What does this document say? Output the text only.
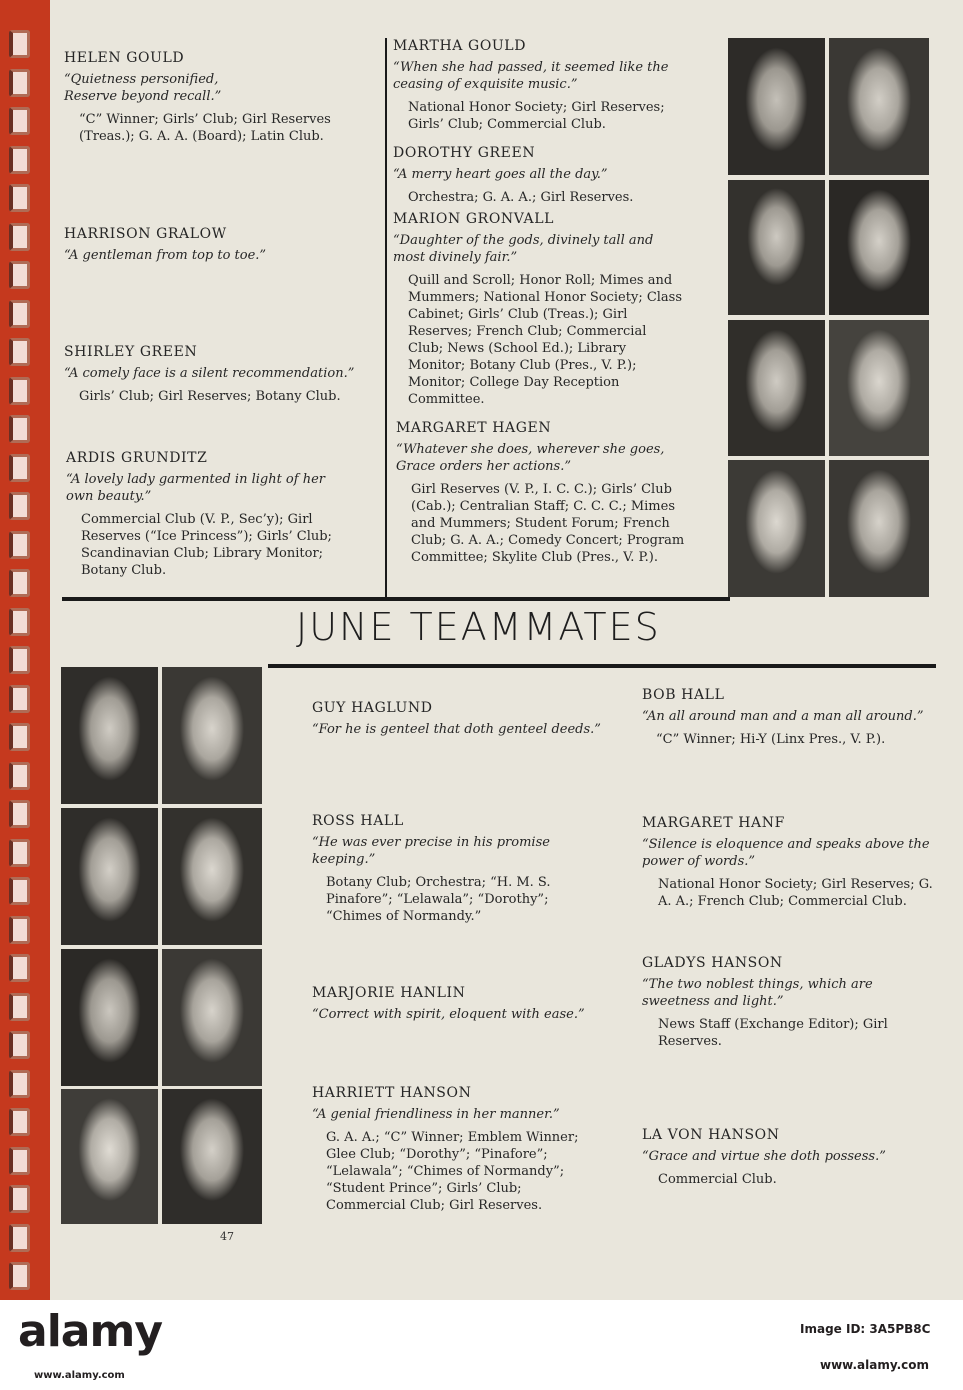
HELEN GOULD

“Quietness personified,
Reserve beyond recall.”

“C” Winner; Girls’ Club; Girl Reserves (Treas.); G. A. A. (Board); Latin Club.

HARRISON GRALOW

“A gentleman from top to toe.”

SHIRLEY GREEN

“A comely face is a silent recommendation.”

Girls’ Club; Girl Reserves; Botany Club.

ARDIS GRUNDITZ

“A lovely lady garmented in light of her own beauty.”

Commercial Club (V. P., Sec’y); Girl Reserves (“Ice Princess”); Girls’ Club; Scandinavian Club; Library Monitor; Botany Club.

MARTHA GOULD

“When she had passed, it seemed like the ceasing of exquisite music.”

National Honor Society; Girl Reserves; Girls’ Club; Commercial Club.

DOROTHY GREEN

“A merry heart goes all the day.”

Orchestra; G. A. A.; Girl Reserves.

MARION GRONVALL

“Daughter of the gods, divinely tall and most divinely fair.”

Quill and Scroll; Honor Roll; Mimes and Mummers; National Honor Society; Class Cabinet; Girls’ Club (Treas.); Girl Reserves; French Club; Commercial Club; News (School Ed.); Library Monitor; Botany Club (Pres., V. P.); Monitor; College Day Reception Committee.

MARGARET HAGEN

“Whatever she does, wherever she goes, Grace orders her actions.”

Girl Reserves (V. P., I. C. C.); Girls’ Club (Cab.); Centralian Staff; C. C. C.; Mimes and Mummers; Student Forum; French Club; G. A. A.; Comedy Concert; Program Committee; Skylite Club (Pres., V. P.).

JUNE TEAMMATES
47

GUY HAGLUND

“For he is genteel that doth genteel deeds.”

ROSS HALL

“He was ever precise in his promise keeping.”

Botany Club; Orchestra; “H. M. S. Pinafore”; “Lelawala”; “Dorothy”; “Chimes of Normandy.”

MARJORIE HANLIN

“Correct with spirit, eloquent with ease.”

HARRIETT HANSON

“A genial friendliness in her manner.”

G. A. A.; “C” Winner; Emblem Winner; Glee Club; “Dorothy”; “Pinafore”; “Lelawala”; “Chimes of Normandy”; “Student Prince”; Girls’ Club; Commercial Club; Girl Reserves.

BOB HALL

“An all around man and a man all around.”

“C” Winner; Hi-Y (Linx Pres., V. P.).

MARGARET HANF

“Silence is eloquence and speaks above the power of words.”

National Honor Society; Girl Reserves; G. A. A.; French Club; Commercial Club.

GLADYS HANSON

“The two noblest things, which are sweetness and light.”

News Staff (Exchange Editor); Girl Reserves.

LA VON HANSON

“Grace and virtue she doth possess.”

Commercial Club.

alamy
www.alamy.com
Image ID: 3A5PB8C
www.alamy.com
